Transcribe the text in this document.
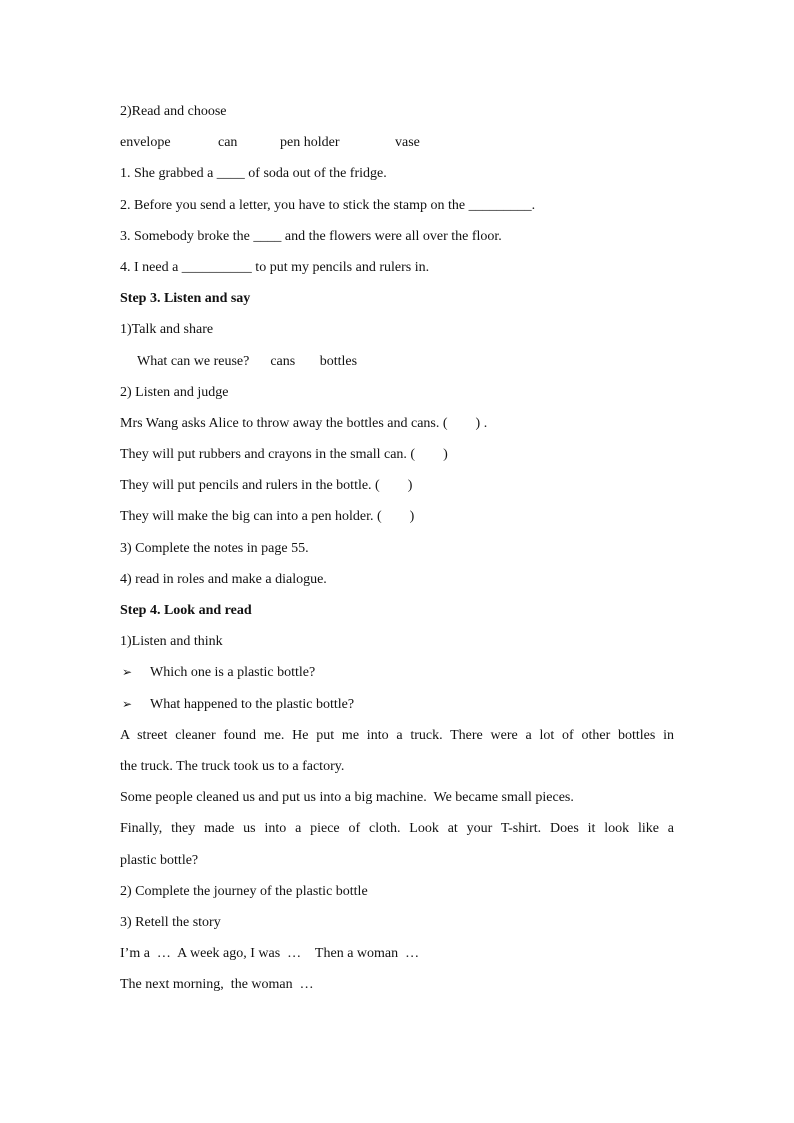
2)Read and choose

envelope	can	pen holder	vase

1. She grabbed a ____ of soda out of the fridge.

2. Before you send a letter, you have to stick the stamp on the _________.

3. Somebody broke the ____ and the flowers were all over the floor.

4. I need a __________ to put my pencils and rulers in.

Step 3. Listen and say

1)Talk and share

What can we reuse?      cans       bottles

2) Listen and judge

Mrs Wang asks Alice to throw away the bottles and cans. (        ) .

They will put rubbers and crayons in the small can. (        )

They will put pencils and rulers in the bottle. (        )

They will make the big can into a pen holder. (        )

3) Complete the notes in page 55.

4) read in roles and make a dialogue.

Step 4. Look and read

1)Listen and think

➢	Which one is a plastic bottle?
➢	What happened to the plastic bottle?

A street cleaner found me. He put me into a truck. There were a lot of other bottles in

the truck. The truck took us to a factory.

Some people cleaned us and put us into a big machine.  We became small pieces.

Finally, they made us into a piece of cloth. Look at your T-shirt. Does it look like a

plastic bottle?

2) Complete the journey of the plastic bottle

3) Retell the story

I’m a  …  A week ago, I was  …    Then a woman  …

The next morning,  the woman  …
